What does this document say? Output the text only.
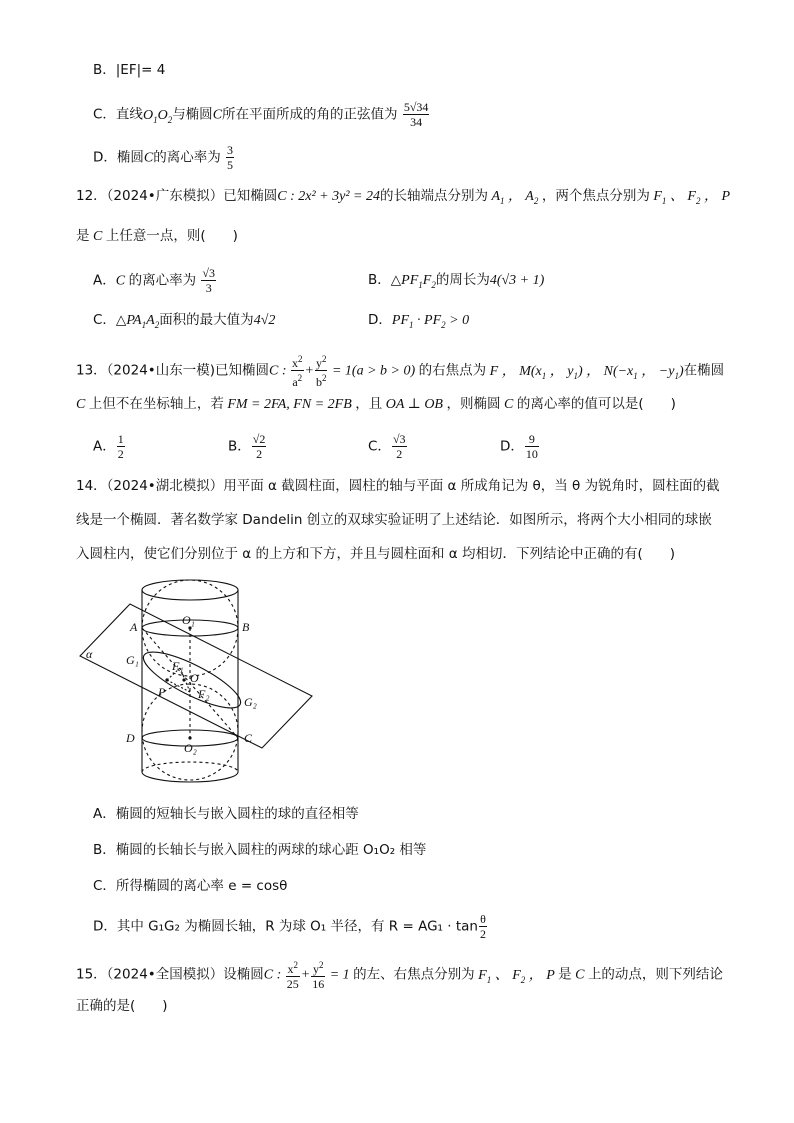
B．|EF|= 4
C．直线$O_1O_2$与椭圆C所在平面所成的角的正弦值为 $\frac{5√34}{34}$
D．椭圆C的离心率为 $\frac{3}{5}$
12．（2024•广东模拟）已知椭圆C : 2x² + 3y² = 24的长轴端点分别为 $A_1$ ， $A_2$ ，两个焦点分别为 $F_1$ 、 $F_2$ ， P
是 C 上任意一点，则(　　)
A．C 的离心率为 $\frac{√3}{3}$	B．$\triangle PF_1F_2$的周长为4(√3 + 1)
C．$\triangle PA_1A_2$面积的最大值为4√2	D．$PF_1 \cdot PF_2 > 0$
13．（2024•山东一模)已知椭圆C : $\frac{x^2}{a^2} + \frac{y^2}{b^2} = 1(a > b > 0)$ 的右焦点为 F ， $M(x_1$ ， $y_1$) ， $N(-x_1$ ， $-y_1$)在椭圆
C 上但不在坐标轴上，若 FM = 2FA, FN = 2FB ，且 OA ⊥ OB ，则椭圆 C 的离心率的值可以是(　　)
A． $\frac{1}{2}$	B． $\frac{√2}{2}$	C． $\frac{√3}{2}$	D． $\frac{9}{10}$
14．（2024•湖北模拟）用平面 α 截圆柱面，圆柱的轴与平面 α 所成角记为 θ，当 θ 为锐角时，圆柱面的截
线是一个椭圆．著名数学家 Dandelin 创立的双球实验证明了上述结论．如图所示，将两个大小相同的球嵌
入圆柱内，使它们分别位于 α 的上方和下方，并且与圆柱面和 α 均相切．下列结论中正确的有(　　)
α
A	B
O₁
G₁	F₁
O
F₂
P
G₂
D	C
O₂
A．椭圆的短轴长与嵌入圆柱的球的直径相等
B．椭圆的长轴长与嵌入圆柱的两球的球心距 O₁O₂ 相等
C．所得椭圆的离心率 e = cosθ
D．其中 G₁G₂ 为椭圆长轴，R 为球 O₁ 半径，有 $R = AG_1 \cdot \tan \frac{\theta}{2}$
15．（2024•全国模拟）设椭圆C : $\frac{x^2}{25} + \frac{y^2}{16} = 1$ 的左、右焦点分别为 $F_1$ 、 $F_2$ ， P 是 C 上的动点，则下列结论
正确的是(　　)
